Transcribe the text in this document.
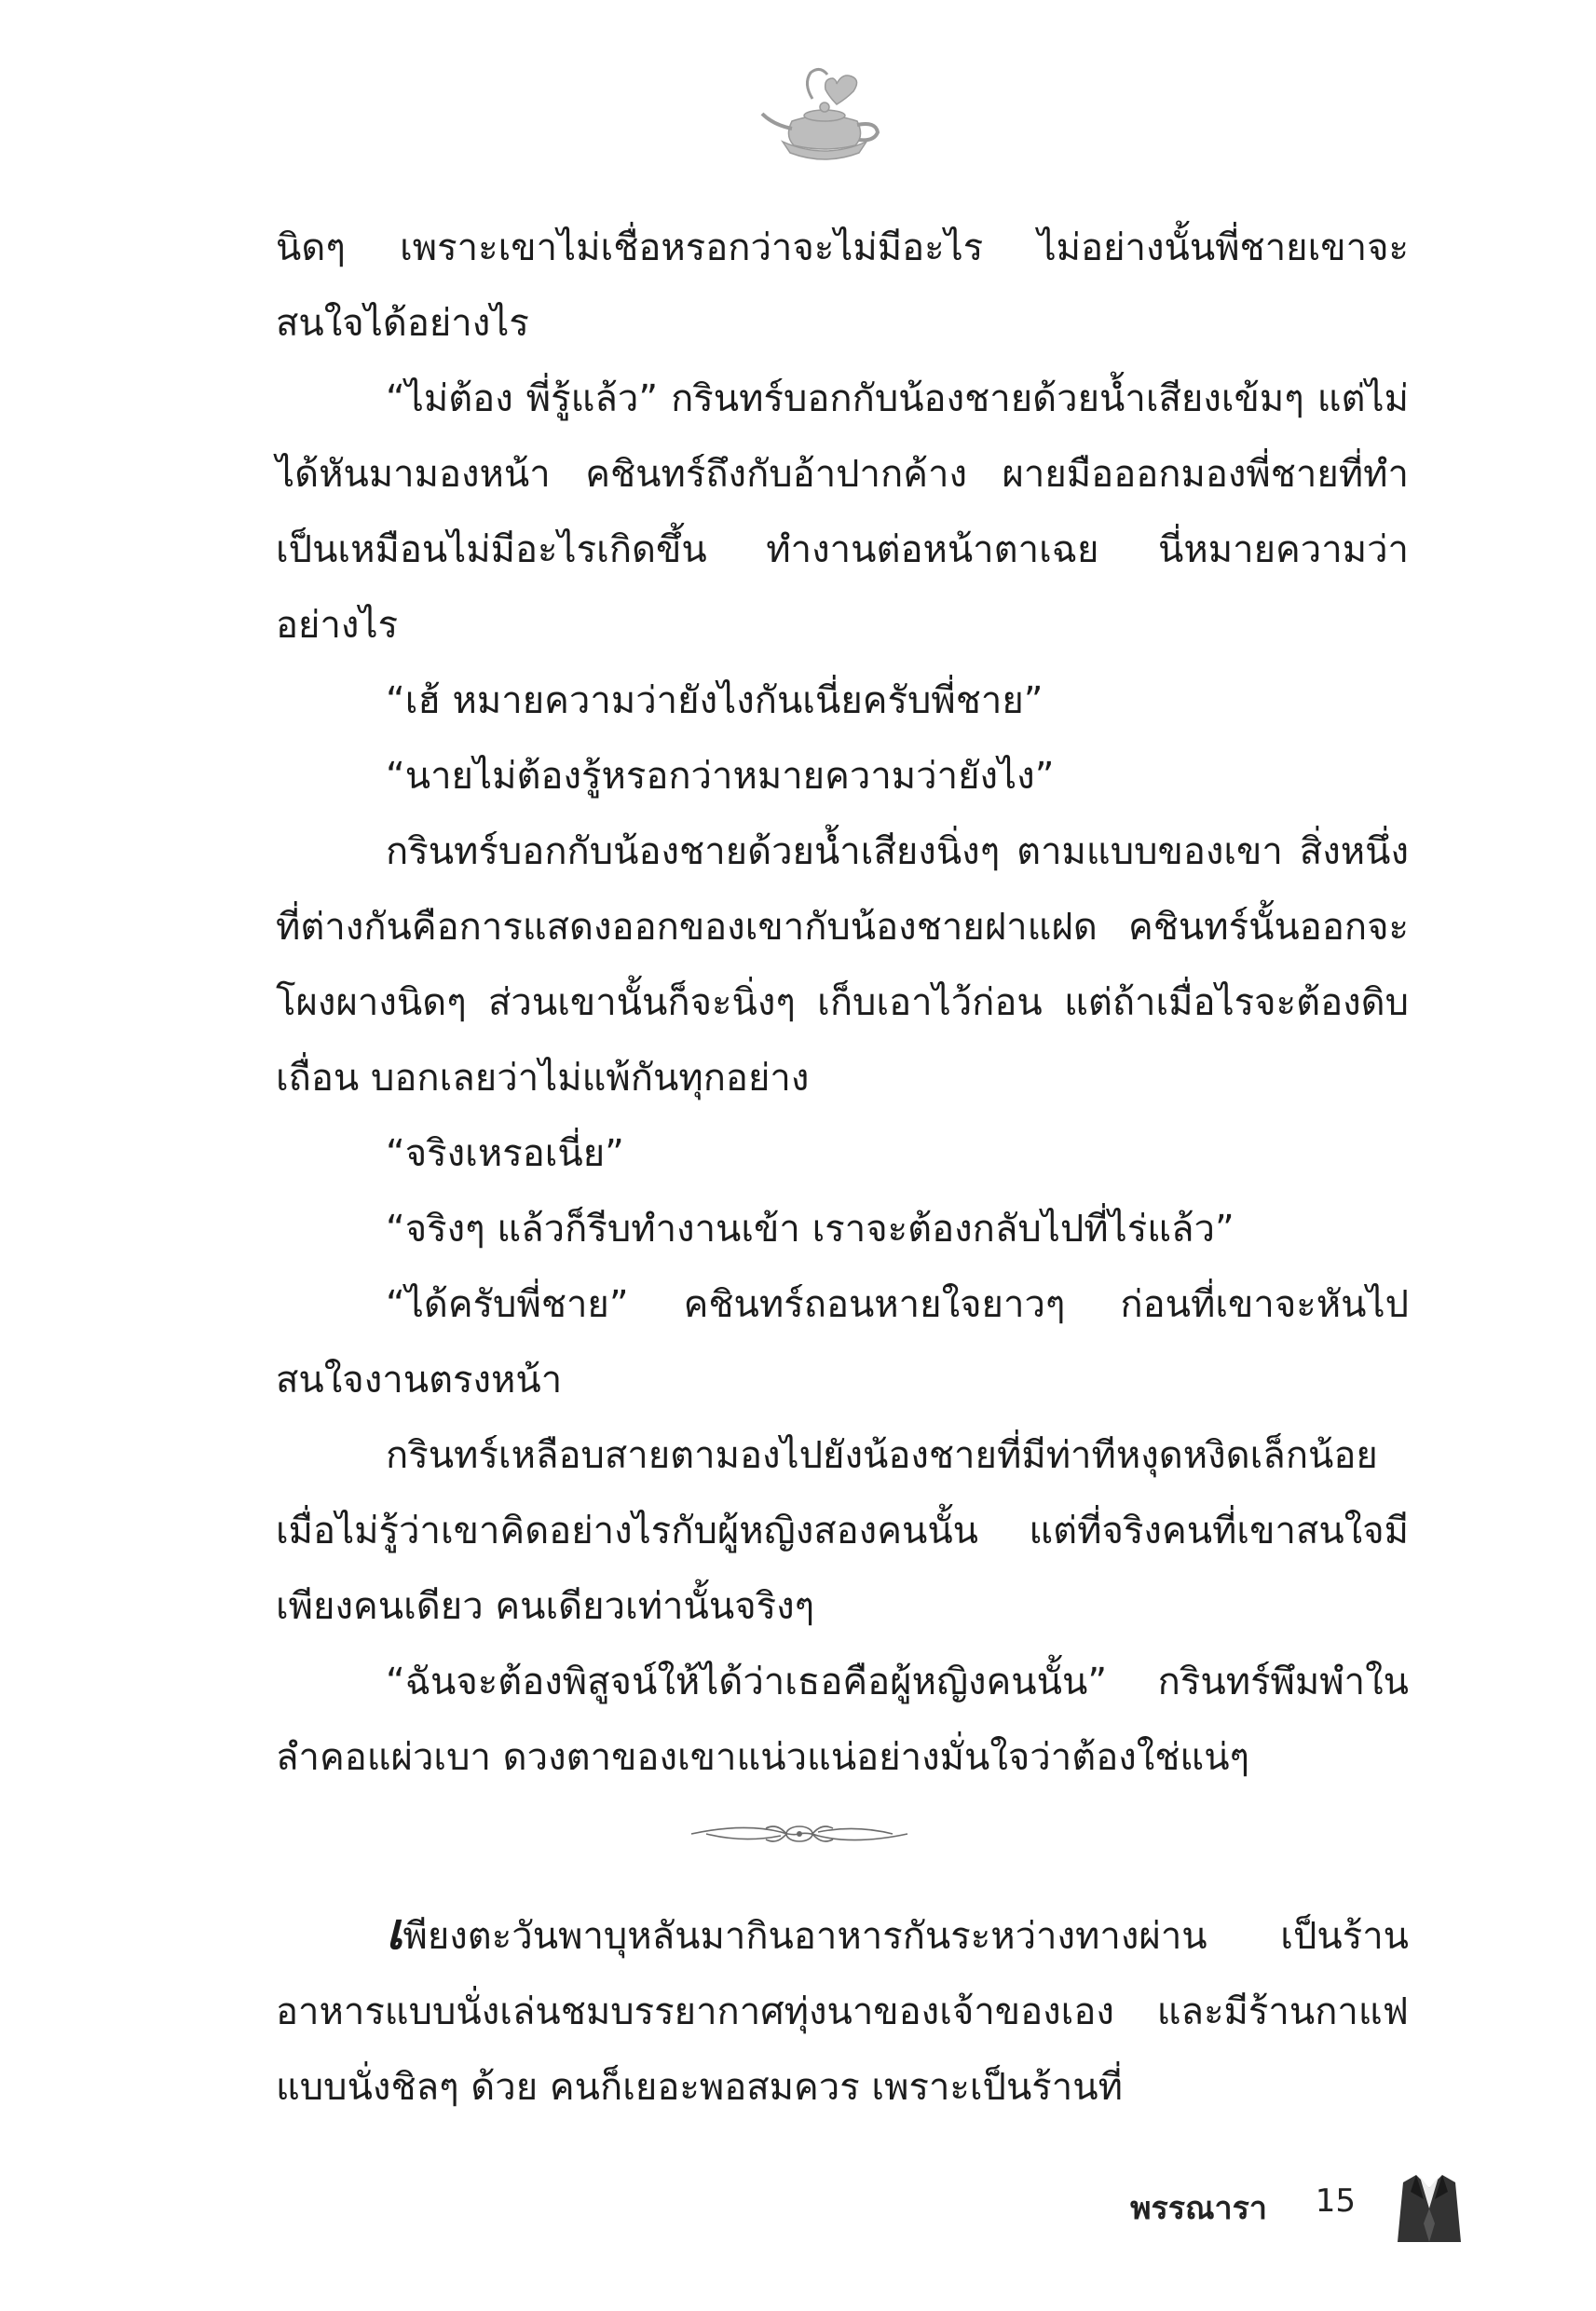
นิดๆ เพราะเขาไม่เชื่อหรอกว่าจะไม่มีอะไร ไม่อย่างนั้นพี่ชายเขาจะสนใจได้อย่างไร

“ไม่ต้อง พี่รู้แล้ว” กรินทร์บอกกับน้องชายด้วยน้ำเสียงเข้มๆ แต่ไม่ได้หันมามองหน้า คชินทร์ถึงกับอ้าปากค้าง ผายมือออกมองพี่ชายที่ทำเป็นเหมือนไม่มีอะไรเกิดขึ้น ทำงานต่อหน้าตาเฉย นี่หมายความว่าอย่างไร

“เฮ้ หมายความว่ายังไงกันเนี่ยครับพี่ชาย”

“นายไม่ต้องรู้หรอกว่าหมายความว่ายังไง”

กรินทร์บอกกับน้องชายด้วยน้ำเสียงนิ่งๆ ตามแบบของเขา สิ่งหนึ่งที่ต่างกันคือการแสดงออกของเขากับน้องชายฝาแฝด คชินทร์นั้นออกจะโผงผางนิดๆ ส่วนเขานั้นก็จะนิ่งๆ เก็บเอาไว้ก่อน แต่ถ้าเมื่อไรจะต้องดิบเถื่อน บอกเลยว่าไม่แพ้กันทุกอย่าง

“จริงเหรอเนี่ย”

“จริงๆ แล้วก็รีบทำงานเข้า เราจะต้องกลับไปที่ไร่แล้ว”

“ได้ครับพี่ชาย” คชินทร์ถอนหายใจยาวๆ ก่อนที่เขาจะหันไปสนใจงานตรงหน้า

กรินทร์เหลือบสายตามองไปยังน้องชายที่มีท่าทีหงุดหงิดเล็กน้อย เมื่อไม่รู้ว่าเขาคิดอย่างไรกับผู้หญิงสองคนนั้น แต่ที่จริงคนที่เขาสนใจมีเพียงคนเดียว คนเดียวเท่านั้นจริงๆ

“ฉันจะต้องพิสูจน์ให้ได้ว่าเธอคือผู้หญิงคนนั้น” กรินทร์พึมพำในลำคอแผ่วเบา ดวงตาของเขาแน่วแน่อย่างมั่นใจว่าต้องใช่แน่ๆ

เพียงตะวันพาบุหลันมากินอาหารกันระหว่างทางผ่าน เป็นร้านอาหารแบบนั่งเล่นชมบรรยากาศทุ่งนาของเจ้าของเอง และมีร้านกาแฟแบบนั่งชิลๆ ด้วย คนก็เยอะพอสมควร เพราะเป็นร้านที่

พรรณารา 15
